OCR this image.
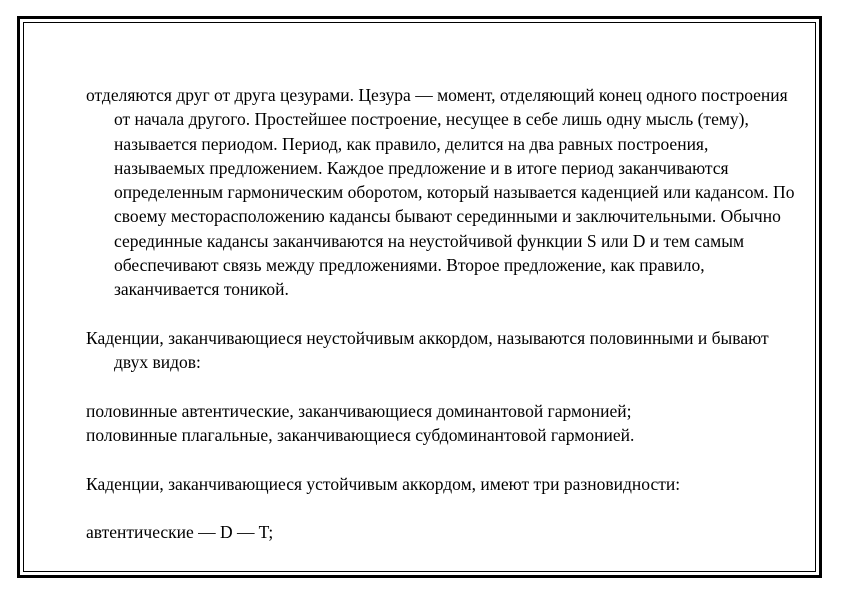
отделяются друг от друга цезурами. Цезура — момент, отделяющий конец одного построения от начала другого. Простейшее построение, несущее в себе лишь одну мысль (тему), называется периодом. Период, как правило, делится на два равных построения, называемых предложением. Каждое предложение и в итоге период заканчиваются определенным гармоническим оборотом, который называется каденцией или кадансом. По своему месторасположению кадансы бывают серединными и заключительными. Обычно серединные кадансы заканчиваются на неустойчивой функции S или D и тем самым обеспечивают связь между предложениями. Второе предложение, как правило, заканчивается тоникой.

Каденции, заканчивающиеся неустойчивым аккордом, называются половинными и бывают двух видов:

половинные автентические, заканчивающиеся доминантовой гармонией;

половинные плагальные, заканчивающиеся субдоминантовой гармонией.

Каденции, заканчивающиеся устойчивым аккордом, имеют три разновидности:

автентические — D — T;
